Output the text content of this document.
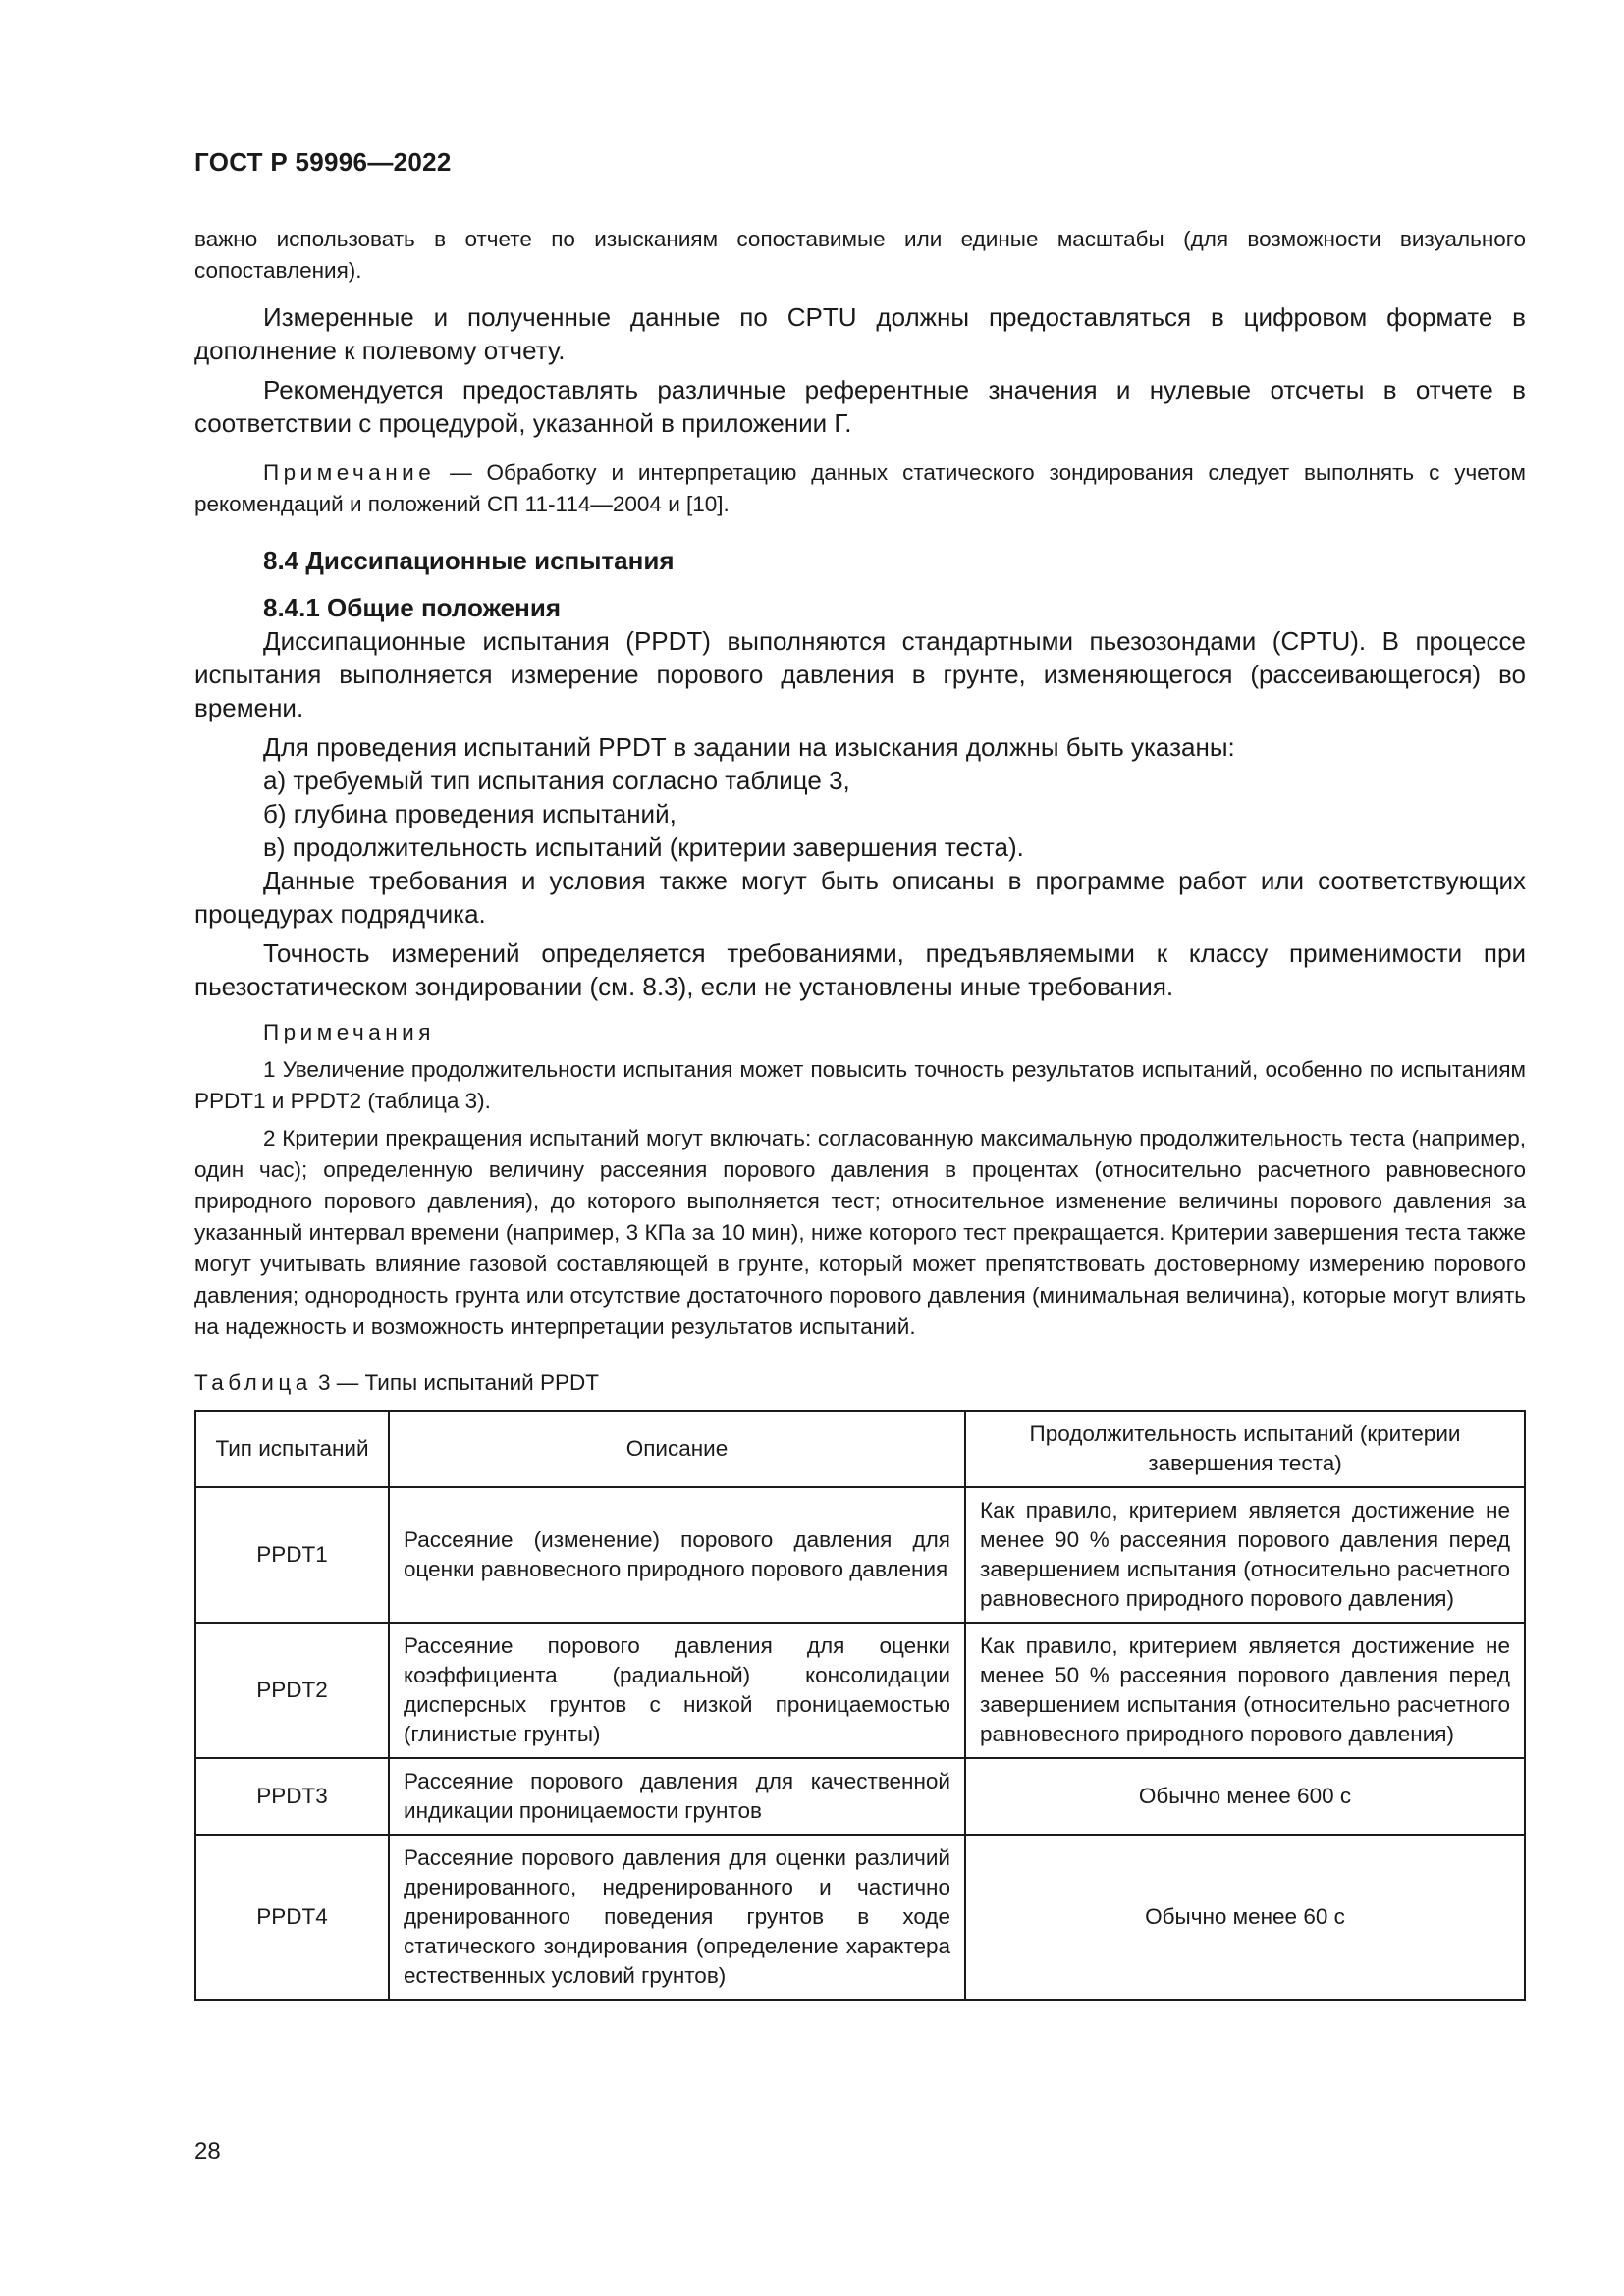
ГОСТ Р 59996—2022

важно использовать в отчете по изысканиям сопоставимые или единые масштабы (для возможности визуального сопоставления).

Измеренные и полученные данные по CPTU должны предоставляться в цифровом формате в дополнение к полевому отчету.

Рекомендуется предоставлять различные референтные значения и нулевые отсчеты в отчете в соответствии с процедурой, указанной в приложении Г.

Примечание — Обработку и интерпретацию данных статического зондирования следует выполнять с учетом рекомендаций и положений СП 11-114—2004 и [10].

8.4 Диссипационные испытания
8.4.1 Общие положения

Диссипационные испытания (PPDT) выполняются стандартными пьезозондами (CPTU). В процессе испытания выполняется измерение порового давления в грунте, изменяющегося (рассеивающегося) во времени.

Для проведения испытаний PPDT в задании на изыскания должны быть указаны:

а) требуемый тип испытания согласно таблице 3,

б) глубина проведения испытаний,

в) продолжительность испытаний (критерии завершения теста).

Данные требования и условия также могут быть описаны в программе работ или соответствующих процедурах подрядчика.

Точность измерений определяется требованиями, предъявляемыми к классу применимости при пьезостатическом зондировании (см. 8.3), если не установлены иные требования.

Примечания

1 Увеличение продолжительности испытания может повысить точность результатов испытаний, особенно по испытаниям PPDT1 и PPDT2 (таблица 3).

2 Критерии прекращения испытаний могут включать: согласованную максимальную продолжительность теста (например, один час); определенную величину рассеяния порового давления в процентах (относительно расчетного равновесного природного порового давления), до которого выполняется тест; относительное изменение величины порового давления за указанный интервал времени (например, 3 КПа за 10 мин), ниже которого тест прекращается. Критерии завершения теста также могут учитывать влияние газовой составляющей в грунте, который может препятствовать достоверному измерению порового давления; однородность грунта или отсутствие достаточного порового давления (минимальная величина), которые могут влиять на надежность и возможность интерпретации результатов испытаний.

Таблица 3 — Типы испытаний PPDT

Тип испытаний	Описание	Продолжительность испытаний (критерии завершения теста)
PPDT1	Рассеяние (изменение) порового давления для оценки равновесного природного порового давления	Как правило, критерием является достижение не менее 90 % рассеяния порового давления перед завершением испытания (относительно расчетного равновесного природного порового давления)
PPDT2	Рассеяние порового давления для оценки коэффициента (радиальной) консолидации дисперсных грунтов с низкой проницаемостью (глинистые грунты)	Как правило, критерием является достижение не менее 50 % рассеяния порового давления перед завершением испытания (относительно расчетного равновесного природного порового давления)
PPDT3	Рассеяние порового давления для качественной индикации проницаемости грунтов	Обычно менее 600 с
PPDT4	Рассеяние порового давления для оценки различий дренированного, недренированного и частично дренированного поведения грунтов в ходе статического зондирования (определение характера естественных условий грунтов)	Обычно менее 60 с
28
